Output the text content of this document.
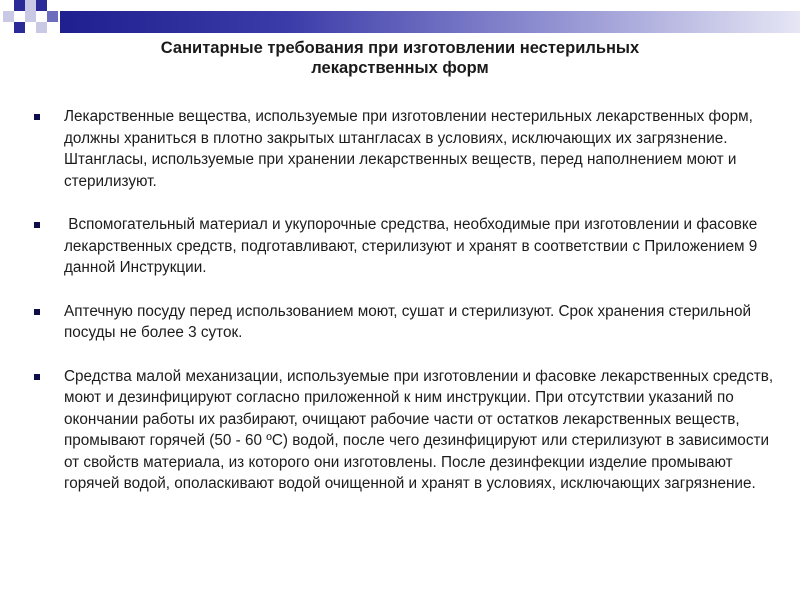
Санитарные требования при изготовлении нестерильных
лекарственных форм
Лекарственные вещества, используемые при изготовлении нестерильных лекарственных форм, должны храниться в плотно закрытых штангласах в условиях, исключающих их загрязнение. Штангласы, используемые при хранении лекарственных веществ, перед наполнением моют и стерилизуют.
Вспомогательный материал и укупорочные средства, необходимые при изготовлении и фасовке лекарственных средств, подготавливают, стерилизуют и хранят в соответствии с Приложением 9 данной Инструкции.
Аптечную посуду перед использованием моют, сушат и стерилизуют. Срок хранения стерильной посуды не более 3 суток.
Средства малой механизации, используемые при изготовлении и фасовке лекарственных средств, моют и дезинфицируют согласно приложенной к ним инструкции. При отсутствии указаний по окончании работы их разбирают, очищают рабочие части от остатков лекарственных веществ, промывают горячей (50 - 60 ºС) водой, после чего дезинфицируют или стерилизуют в зависимости от свойств материала, из которого они изготовлены. После дезинфекции изделие промывают горячей водой, ополаскивают водой очищенной и хранят в условиях, исключающих загрязнение.
